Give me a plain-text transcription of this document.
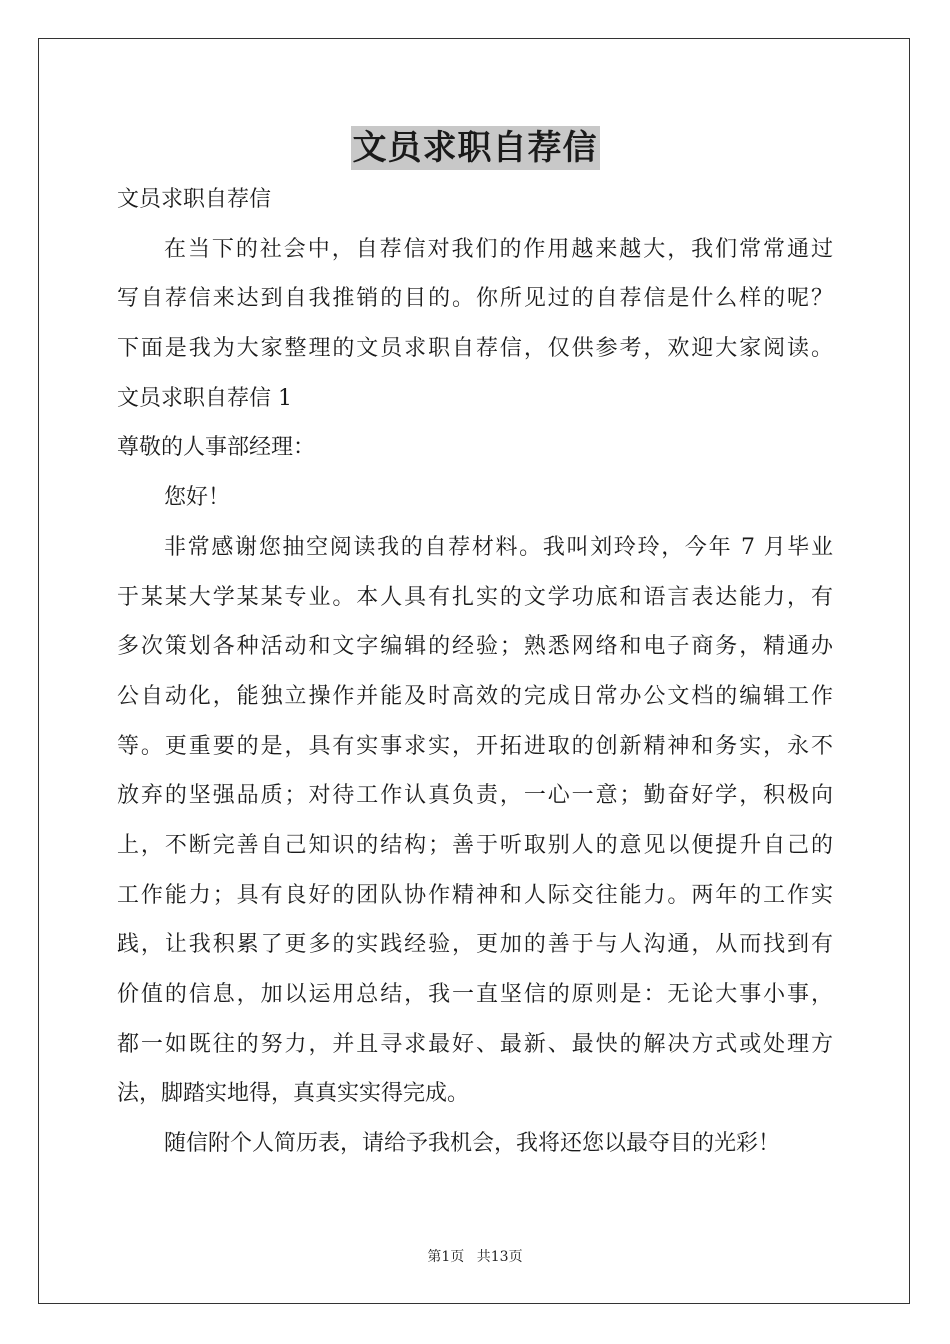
文员求职自荐信
文员求职自荐信
在当下的社会中，自荐信对我们的作用越来越大，我们常常通过
写自荐信来达到自我推销的目的。你所见过的自荐信是什么样的呢？
下面是我为大家整理的文员求职自荐信，仅供参考，欢迎大家阅读。
文员求职自荐信 1
尊敬的人事部经理：
您好！
非常感谢您抽空阅读我的自荐材料。我叫刘玲玲，今年 7 月毕业
于某某大学某某专业。本人具有扎实的文学功底和语言表达能力，有
多次策划各种活动和文字编辑的经验；熟悉网络和电子商务，精通办
公自动化，能独立操作并能及时高效的完成日常办公文档的编辑工作
等。更重要的是，具有实事求实，开拓进取的创新精神和务实，永不
放弃的坚强品质；对待工作认真负责，一心一意；勤奋好学，积极向
上，不断完善自己知识的结构；善于听取别人的意见以便提升自己的
工作能力；具有良好的团队协作精神和人际交往能力。两年的工作实
践，让我积累了更多的实践经验，更加的善于与人沟通，从而找到有
价值的信息，加以运用总结，我一直坚信的原则是：无论大事小事，
都一如既往的努力，并且寻求最好、最新、最快的解决方式或处理方
法，脚踏实地得，真真实实得完成。
随信附个人简历表，请给予我机会，我将还您以最夺目的光彩！
第1页 共13页
